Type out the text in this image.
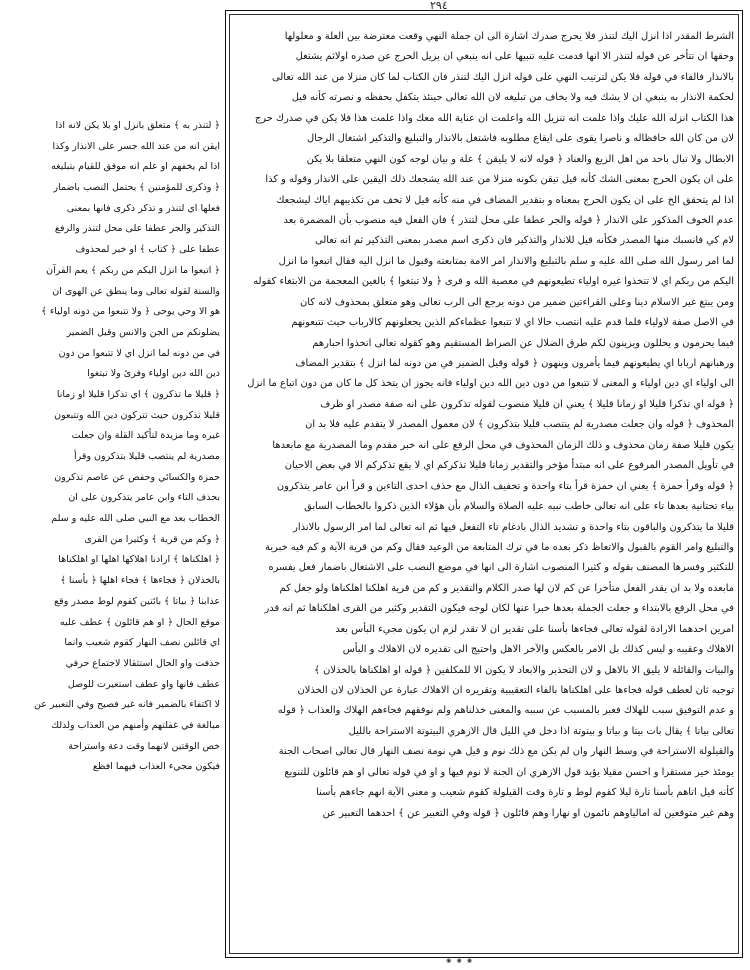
٢٩٤
﴿ لتنذر به ﴾ متعلق بانزل او بلا يكن لانه اذا
ايقن انه من عند الله جسر على الانذار وكذا
اذا لم يخفهم او علم انه موفق للقيام بتبليغه
﴿ وذكرى للمؤمنين ﴾ يحتمل النصب باضمار
فعلها اي لتنذر و تذكر ذكرى فانها بمعنى
التذكير والجر عطفا على محل لتنذر والرفع
عطفا على ﴿ كتاب ﴾ او خبر لمحذوف
﴿ اتبعوا ما انزل اليكم من ربكم ﴾ يعم القرآن
والسنة لقوله تعالى وما ينطق عن الهوى ان
هو الا وحي يوحى ﴿ ولا تتبعوا من دونه اولياء ﴾
يضلونكم من الجن والانس وقيل الضمير
في من دونه لما انزل اي لا تتبعوا من دون
دين الله دين اولياء وفرئ ولا تبتغوا
﴿ قليلا ما تذكرون ﴾ اي تذكرا قليلا او زمانا
قليلا تذكرون حيث تتركون دين الله وتتبعون
غيره وما مزيدة لتأكيد القلة وان جعلت
مصدرية لم ينتصب قليلا بتذكرون وقرأ
حمزة والكسائي وحفص عن عاصم تذكرون
بحذف التاء وابن عامر يتذكرون على ان
الخطاب بعد مع النبي صلى الله عليه و سلم
﴿ وكم من قرية ﴾ وكثيرا من القرى
﴿ اهلكناها ﴾ ارادنا اهلاكها اهلها او اهلكناها
بالخذلان ﴿ فجاءها ﴾ فجاء اهلها ﴿ بأسنا ﴾
عذابنا ﴿ بياتا ﴾ بائتين كقوم لوط مصدر وقع
موقع الحال ﴿ او هم قائلون ﴾ عطف عليه
اي قائلين نصف النهار كقوم شعيب وانما
حذفت واو الحال استثقالا لاجتماع حرفي
عطف فانها واو عطف استعيرت للوصل
لا اكتفاء بالضمير فانه غير فصيح وفي التعبير عن
مبالغة في غفلتهم وأمنهم من العذاب ولذلك
خص الوقتين لانهما وقت دعة واستراحة
فيكون مجيء العذاب فيهما افظع
الشرط المقدر اذا انزل اليك لتنذر فلا يحرج صدرك اشارة الى ان جملة النهي وقعت معترضة بين العلة و معلولها
وحقها ان تتأخر عن قوله لتنذر الا انها قدمت عليه تنبيها على انه ينبغي ان يزيل الحرج عن صدره اولاثم يشتغل
بالانذار فالفاء في قوله فلا يكن لترتيب النهي على قوله انزل اليك لتنذر فان الكتاب لما كان منزلا من عند الله تعالى
لحكمة الانذار به ينبغي ان لا يشك فيه ولا يخاف من تبليغه لان الله تعالى حينئذ يتكفل بحفظه و نصرته كأنه قيل
هذا الكتاب انزله الله عليك واذا علمت انه تنزيل الله واعلمت ان عناية الله معك واذا علمت هذا فلا يكن في صدرك حرج
لان من كان الله حافظاله و ناصرا يقوى على ايقاع مطلوبه فاشتغل بالانذار والتبليغ والتذكير اشتغال الرجال
الابطال ولا تبال باحد من اهل الزيغ والعناد ﴿ قوله لانه لا يليقن ﴾ علة و بيان لوجه كون النهي متعلقا بلا يكن
على ان يكون الحرج بمعنى الشك كأنه قيل تيقن بكونه منزلا من عند الله يشجعك ذلك اليقين على الانذار وقوله و كذا
اذا لم يتحقق الخ على ان يكون الحرج بمعناه و بتقدير المضاف في منه كأنه قيل لا تخف من تكذيبهم اياك ليشجعك
عدم الخوف المذكور على الانذار ﴿ قوله والجر عطفا على محل لتنذر ﴾ فان الفعل فيه منصوب بأن المضمرة بعد
لام كي فانسبك منها المصدر فكأنه قيل للانذار والتذكير فان ذكرى اسم مصدر بمعنى التذكير ثم انه تعالى
لما امر رسول الله صلى الله عليه و سلم بالتبليغ والانذار امر الامة بمتابعته وقبول ما انزل اليه فقال اتبعوا ما انزل
اليكم من ربكم اي لا تتخذوا غيره اولياء تطيعونهم في معصية الله و فرى ﴿ ولا تبتغوا ﴾ بالغين المعجمة من الابتغاء كقوله
ومن يبتغ غير الاسلام دينا وعلى القراءتين ضمير من دونه يرجع الى الرب تعالى وهو متعلق بمحذوف لانه كان
في الاصل صفة لاولياء فلما قدم عليه انتصب حالا اي لا تتبعوا عظماءكم الذين يجعلونهم كالارباب حيث تتبعونهم
فيما يحرمون و يحللون ويزينون لكم طرق الضلال عن الصراط المستقيم وهو كقوله تعالى اتخذوا احبارهم
ورهبانهم اربابا اي يطيعونهم فيما يأمرون وينهون ﴿ قوله وقيل الضمير في من دونه لما انزل ﴾ بتقدير المضاف
الى اولياء اي دين اولياء و المعنى لا تتبعوا من دون دين الله دين اولياء فانه يجوز ان يتخذ كل ما كان من دون اتباع ما انزل
﴿ قوله اي تذكرا قليلا او زمانا قليلا ﴾ يعني ان قليلا منصوب لقوله تذكرون على انه صفة مصدر او ظرف
المحذوف ﴿ قوله وان جعلت مصدرية لم ينتصب قليلا بتذكرون ﴾ لان معمول المصدر لا يتقدم عليه فلا بد ان
يكون قليلا صفة زمان محذوف و ذلك الزمان المحذوف في محل الرفع على انه خبر مقدم وما المصدرية مع مابعدها
في تأويل المصدر المرفوع على انه مبتدأ مؤخر والتقدير زمانا قليلا تذكركم اي لا يقع تذكركم الا في بعض الاحيان
﴿ قوله وقرأ حمزة ﴾ يعني ان حمزة قرأ بتاء واحدة و تخفيف الذال مع حذف احدى التاءين و قرأ ابن عامر يتذكرون
بياء تحتانية بعدها تاء على انه تعالى خاطب نبيه عليه الصلاة والسلام بأن هؤلاء الذين ذكروا بالخطاب السابق
قليلا ما يتذكرون والباقون بتاء واحدة و تشديد الذال بادغام تاء التفعل فيها ثم انه تعالى لما امر الرسول بالانذار
والتبليغ وامر القوم بالقبول والاتعاظ ذكر بعده ما في ترك المتابعة من الوعيد فقال وكم من قرية الآية و كم فيه خبرية
للتكثير وفسرها المصنف بقوله و كثيرا المنصوب اشارة الى انها في موضع النصب على الاشتغال باضمار فعل يفسره
مابعده ولا بد ان يقدر الفعل متأخرا عن كم لان لها صدر الكلام والتقدير و كم من قرية اهلكنا اهلكناها ولو جعل كم
في محل الرفع بالابتداء و جعلت الجملة بعدها خبرا عنها لكان لوجه فيكون التقدير وكثير من القرى اهلكناها ثم انه قدر
امرين احدهما الارادة لقوله تعالى فجاءها بأسنا على تقدير ان لا تقدر لزم ان يكون مجيء البأس بعد
الاهلاك وعقيبه و ليس كذلك بل الامر بالعكس والآخر الاهل واحتيج الى تقديره لان الاهلاك و البأس
والبيات والقائلة لا يليق الا بالاهل و لان التحذير والابعاد لا يكون الا للمكلفين ﴿ قوله او اهلكناها بالخذلان ﴾
توجيه ثان لعطف قوله فجاءها على اهلكناها بالفاء التعقيبية وتقريره ان الاهلاك عبارة عن الخذلان لان الخذلان
و عدم التوفيق سبب للهلاك فعبر بالمسبب عن سببه والمعنى خذلناهم ولم نوفقهم فجاءهم الهلاك والعذاب ﴿ قوله
تعالى بياتا ﴾ يقال بات بيتا و بياتا و بيتوتة اذا دخل في الليل قال الازهري البيتوتة الاستراحة بالليل
والقيلولة الاستراحة في وسط النهار وان لم يكن مع ذلك نوم و قيل هي نومة نصف النهار قال تعالى اصحاب الجنة
يومئذ خير مستقرا و احسن مقيلا يؤيد قول الازهري ان الجنة لا نوم فيها و او في قوله تعالى او هم قائلون للتنويع
كأنه قيل اتاهم بأسنا تارة ليلا كقوم لوط و تارة وقت القيلولة كقوم شعيب و معنى الآية انهم جاءهم بأسنا
وهم غير متوقعين له امالياوهم نائمون او نهارا وهم قائلون ﴿ قوله وفي التعبير عن ﴾ احدهما التعبير عن
⁕ ⁕ ⁕
